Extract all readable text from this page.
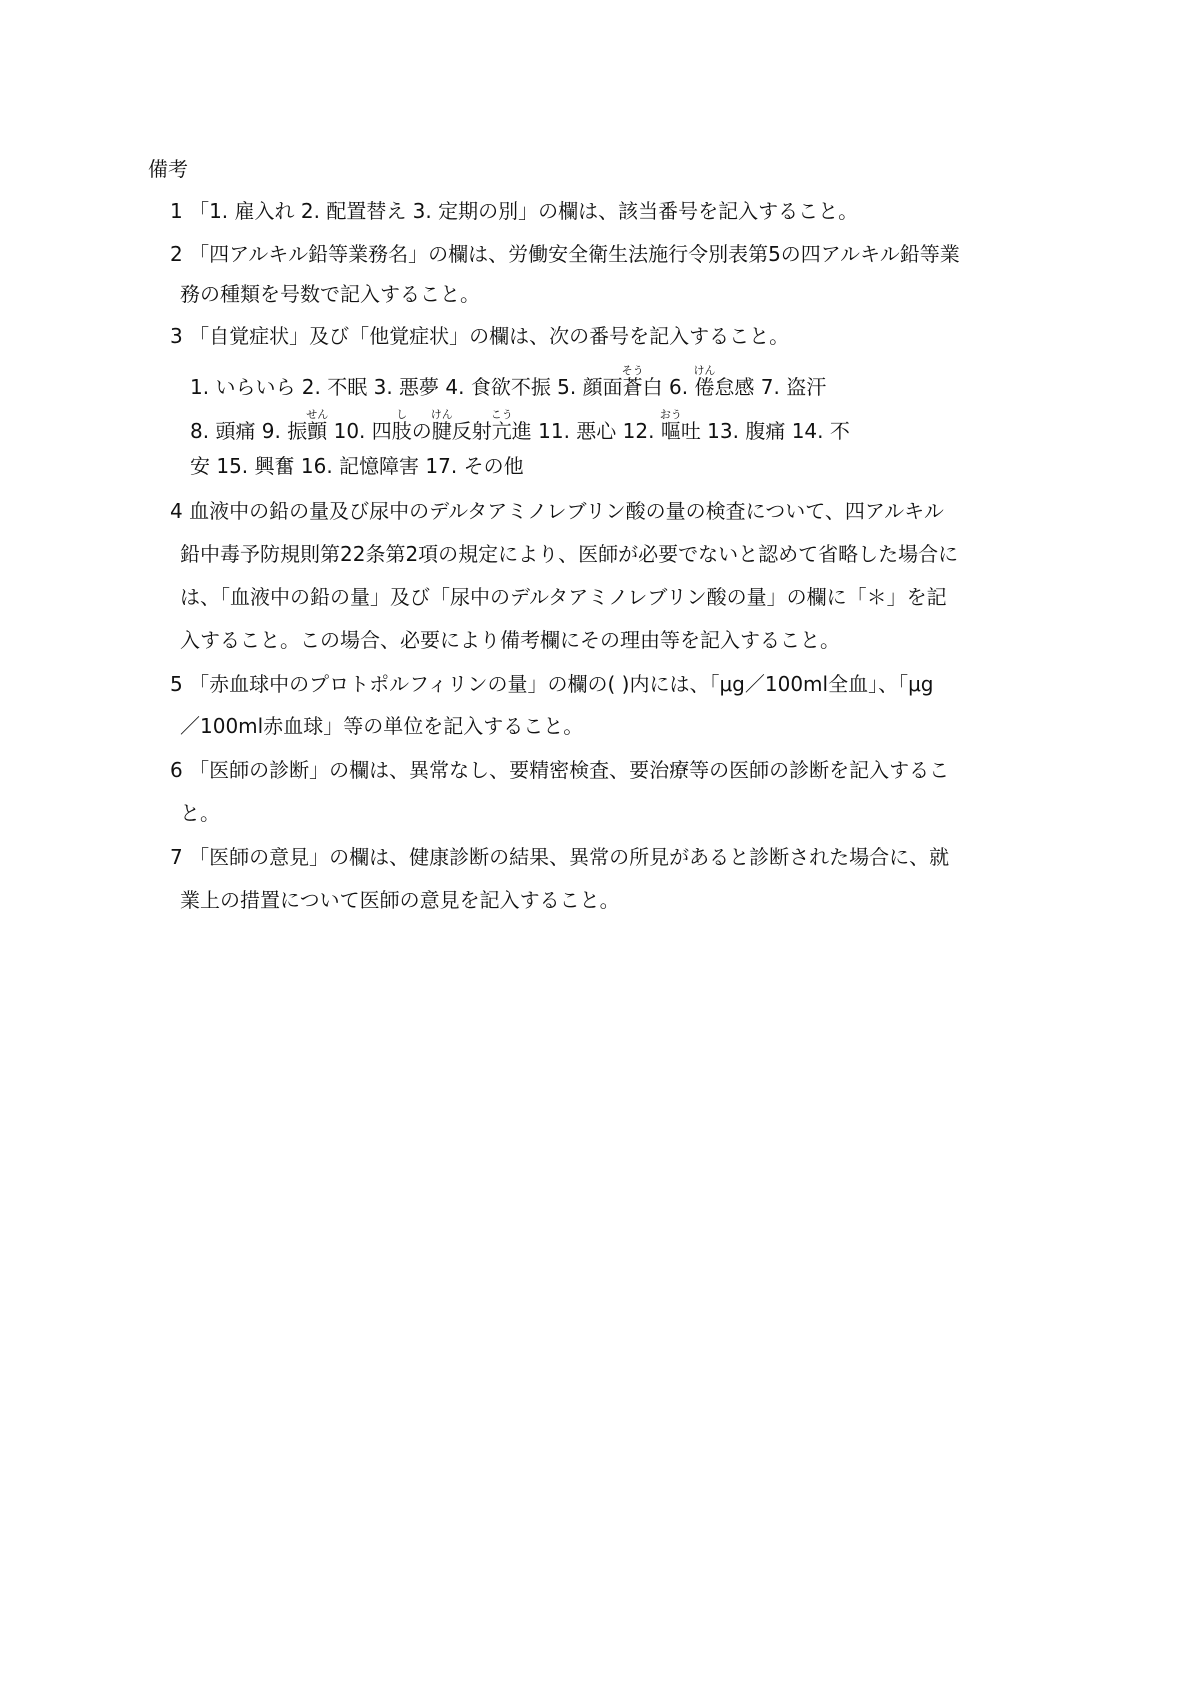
備考
1 「1. 雇入れ 2. 配置替え 3. 定期の別」の欄は、該当番号を記入すること。
2 「四アルキル鉛等業務名」の欄は、労働安全衛生法施行令別表第5の四アルキル鉛等業
務の種類を号数で記入すること。
3 「自覚症状」及び「他覚症状」の欄は、次の番号を記入すること。
1. いらいら 2. 不眠 3. 悪夢 4. 食欲不振 5. 顔面蒼そう白 6. 倦けん怠感 7. 盗汗
8. 頭痛 9. 振顫せん 10. 四肢しの腱けん反射亢こう進 11. 悪心 12. 嘔おう吐 13. 腹痛 14. 不
安 15. 興奮 16. 記憶障害 17. その他
4 血液中の鉛の量及び尿中のデルタアミノレブリン酸の量の検査について、四アルキル
鉛中毒予防規則第22条第2項の規定により、医師が必要でないと認めて省略した場合に
は、「血液中の鉛の量」及び「尿中のデルタアミノレブリン酸の量」の欄に「＊」を記
入すること。この場合、必要により備考欄にその理由等を記入すること。
5 「赤血球中のプロトポルフィリンの量」の欄の( )内には、「μg／100ml全血」、「μg
／100ml赤血球」等の単位を記入すること。
6 「医師の診断」の欄は、異常なし、要精密検査、要治療等の医師の診断を記入するこ
と。
7 「医師の意見」の欄は、健康診断の結果、異常の所見があると診断された場合に、就
業上の措置について医師の意見を記入すること。
